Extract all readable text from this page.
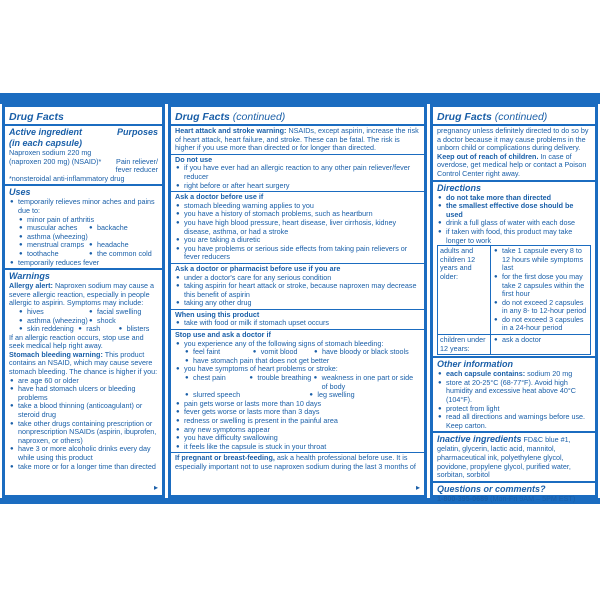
Drug Facts
Active ingredient
(in each capsule)
Purposes
Naproxen sodium 220 mg
(naproxen 200 mg) (NSAID)* Pain reliever/
fever reducer
*nonsteroidal anti-inflammatory drug
Uses
● temporarily relieves minor aches and pains due to:
● minor pain of arthritis
● muscular aches	● backache
● asthma (wheezing)
● menstrual cramps	● headache
● toothache	● the common cold
● temporarily reduces fever
Warnings
Allergy alert: Naproxen sodium may cause a severe allergic reaction, especially in people allergic to aspirin. Symptoms may include:
● hives	● facial swelling
● asthma (wheezing)	● shock
● skin reddening	● rash	● blisters
If an allergic reaction occurs, stop use and seek medical help right away.
Stomach bleeding warning: This product contains an NSAID, which may cause severe stomach bleeding. The chance is higher if you:
● are age 60 or older
● have had stomach ulcers or bleeding problems
● take a blood thinning (anticoagulant) or steroid drug
● take other drugs containing prescription or nonprescription NSAIDs (aspirin, ibuprofen, naproxen, or others)
● have 3 or more alcoholic drinks every day while using this product
● take more or for a longer time than directed
▸
Drug Facts (continued)
Heart attack and stroke warning: NSAIDs, except aspirin, increase the risk of heart attack, heart failure, and stroke. These can be fatal. The risk is higher if you use more than directed or for longer than directed.
Do not use
● if you have ever had an allergic reaction to any other pain reliever/fever reducer
● right before or after heart surgery
Ask a doctor before use if
● stomach bleeding warning applies to you
● you have a history of stomach problems, such as heartburn
● you have high blood pressure, heart disease, liver cirrhosis, kidney disease, asthma, or had a stroke
● you are taking a diuretic
● you have problems or serious side effects from taking pain relievers or fever reducers
Ask a doctor or pharmacist before use if you are
● under a doctor's care for any serious condition
● taking aspirin for heart attack or stroke, because naproxen may decrease this benefit of aspirin
● taking any other drug
When using this product
● take with food or milk if stomach upset occurs
Stop use and ask a doctor if
● you experience any of the following signs of stomach bleeding:
● feel faint	● vomit blood	● have bloody or black stools
● have stomach pain that does not get better
● you have symptoms of heart problems or stroke:
● chest pain	● trouble breathing	● weakness in one part or side of body
● slurred speech	● leg swelling
● pain gets worse or lasts more than 10 days
● fever gets worse or lasts more than 3 days
● redness or swelling is present in the painful area
● any new symptoms appear
● you have difficulty swallowing
● it feels like the capsule is stuck in your throat
If pregnant or breast-feeding, ask a health professional before use. It is especially important not to use naproxen sodium during the last 3 months of
▸
Drug Facts (continued)
pregnancy unless definitely directed to do so by a doctor because it may cause problems in the unborn child or complications during delivery.
Keep out of reach of children. In case of overdose, get medical help or contact a Poison Control Center right away.
Directions
● do not take more than directed
● the smallest effective dose should be used
● drink a full glass of water with each dose
● if taken with food, this product may take longer to work
adults and children 12 years and older:	● take 1 capsule every 8 to 12 hours while symptoms last
● for the first dose you may take 2 capsules within the first hour
● do not exceed 2 capsules in any 8- to 12-hour period
● do not exceed 3 capsules in a 24-hour period

children under 12 years:	● ask a doctor
Other information
● each capsule contains: sodium 20 mg
● store at 20-25°C (68-77°F). Avoid high humidity and excessive heat above 40°C (104°F).
● protect from light
● read all directions and warnings before use. Keep carton.
Inactive ingredients FD&C blue #1, gelatin, glycerin, lactic acid, mannitol, pharmaceutical ink, polyethylene glycol, povidone, propylene glycol, purified water, sorbitan, sorbitol
Questions or comments?
1-800-395-0689 (Mon-Fri 9AM – 5PM EST)
